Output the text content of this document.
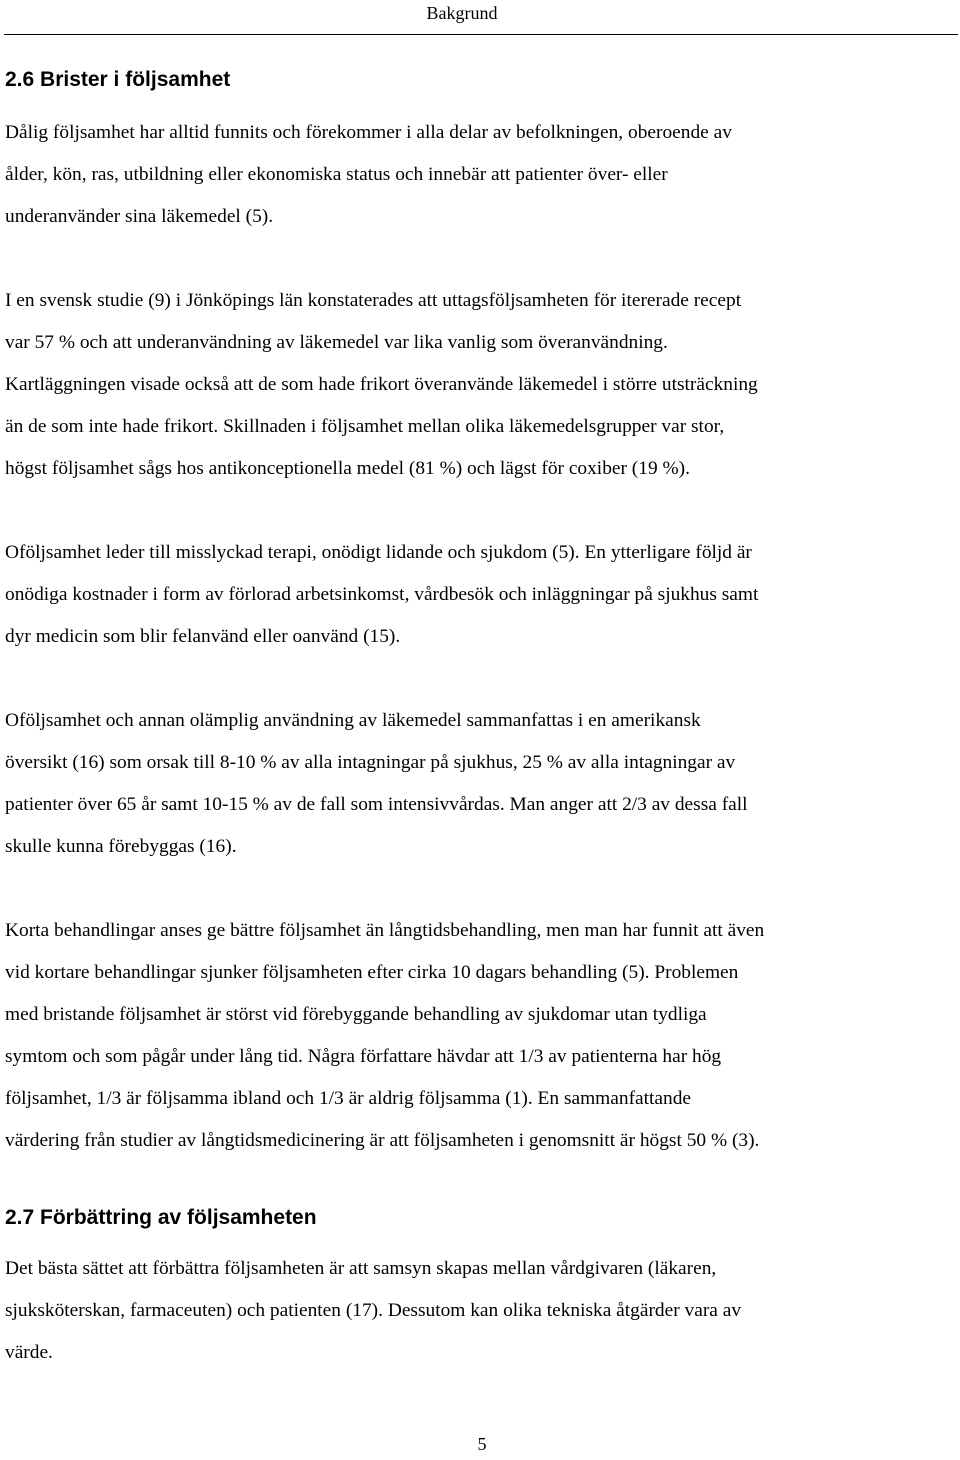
Bakgrund
2.6 Brister i följsamhet

Dålig följsamhet har alltid funnits och förekommer i alla delar av befolkningen, oberoende av
ålder, kön, ras, utbildning eller ekonomiska status och innebär att patienter över- eller
underanvänder sina läkemedel (5).

I en svensk studie (9) i Jönköpings län konstaterades att uttagsföljsamheten för itererade recept
var 57 % och att underanvändning av läkemedel var lika vanlig som överanvändning.
Kartläggningen visade också att de som hade frikort överanvände läkemedel i större utsträckning
än de som inte hade frikort. Skillnaden i följsamhet mellan olika läkemedelsgrupper var stor,
högst följsamhet sågs hos antikonceptionella medel (81 %) och lägst för coxiber (19 %).

Oföljsamhet leder till misslyckad terapi, onödigt lidande och sjukdom (5). En ytterligare följd är
onödiga kostnader i form av förlorad arbetsinkomst, vårdbesök och inläggningar på sjukhus samt
dyr medicin som blir felanvänd eller oanvänd (15).

Oföljsamhet och annan olämplig användning av läkemedel sammanfattas i en amerikansk
översikt (16) som orsak till 8-10 % av alla intagningar på sjukhus, 25 % av alla intagningar av
patienter över 65 år samt 10-15 % av de fall som intensivvårdas. Man anger att 2/3 av dessa fall
skulle kunna förebyggas (16).

Korta behandlingar anses ge bättre följsamhet än långtidsbehandling, men man har funnit att även
vid kortare behandlingar sjunker följsamheten efter cirka 10 dagars behandling (5). Problemen
med bristande följsamhet är störst vid förebyggande behandling av sjukdomar utan tydliga
symtom och som pågår under lång tid. Några författare hävdar att 1/3 av patienterna har hög
följsamhet, 1/3 är följsamma ibland och 1/3 är aldrig följsamma (1). En sammanfattande
värdering från studier av långtidsmedicinering är att följsamheten i genomsnitt är högst 50 % (3).

2.7 Förbättring av följsamheten

Det bästa sättet att förbättra följsamheten är att samsyn skapas mellan vårdgivaren (läkaren,
sjuksköterskan, farmaceuten) och patienten (17). Dessutom kan olika tekniska åtgärder vara av
värde.

5
